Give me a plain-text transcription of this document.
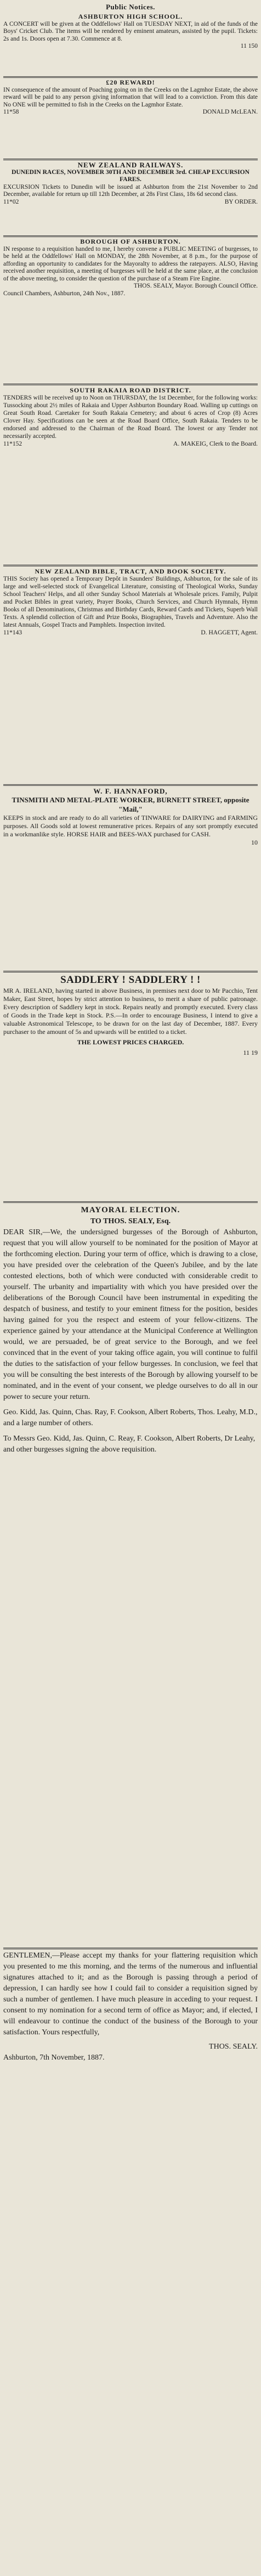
Public Notices.
ASHBURTON HIGH SCHOOL.

A CONCERT will be given at the Oddfellows' Hall on TUESDAY NEXT, in aid of the funds of the Boys' Cricket Club. The items will be rendered by eminent amateurs, assisted by the pupil. Tickets: 2s and 1s. Doors open at 7.30. Commence at 8.

11 150
£20 REWARD!

IN consequence of the amount of Poaching going on in the Creeks on the Lagmhor Estate, the above reward will be paid to any person giving information that will lead to a conviction. From this date No ONE will be permitted to fish in the Creeks on the Lagmhor Estate.

11*58	DONALD McLEAN.
NEW ZEALAND RAILWAYS.
DUNEDIN RACES, NOVEMBER 30TH AND DECEMBER 3rd. CHEAP EXCURSION FARES.

EXCURSION Tickets to Dunedin will be issued at Ashburton from the 21st November to 2nd December, available for return up till 12th December, at 28s First Class, 18s 6d second class.

11*02	BY ORDER.
BOROUGH OF ASHBURTON.

IN response to a requisition handed to me, I hereby convene a PUBLIC MEETING of burgesses, to be held at the Oddfellows' Hall on MONDAY, the 28th November, at 8 p.m., for the purpose of affording an opportunity to candidates for the Mayoralty to address the ratepayers. ALSO, Having received another requisition, a meeting of burgesses will be held at the same place, at the conclusion of the above meeting, to consider the question of the purchase of a Steam Fire Engine.

THOS. SEALY, Mayor. Borough Council Office.
Council Chambers, Ashburton, 24th Nov., 1887.
SOUTH RAKAIA ROAD DISTRICT.

TENDERS will be received up to Noon on THURSDAY, the 1st December, for the following works: Tussocking about 2½ miles of Rakaia and Upper Ashburton Boundary Road. Walling up cuttings on Great South Road. Caretaker for South Rakaia Cemetery; and about 6 acres of Crop (8) Acres Clover Hay. Specifications can be seen at the Road Board Office, South Rakaia. Tenders to be endorsed and addressed to the Chairman of the Road Board. The lowest or any Tender not necessarily accepted.

11*152	A. MAKEIG, Clerk to the Board.
NEW ZEALAND BIBLE, TRACT, AND BOOK SOCIETY.

THIS Society has opened a Temporary Depôt in Saunders' Buildings, Ashburton, for the sale of its large and well-selected stock of Evangelical Literature, consisting of Theological Works, Sunday School Teachers' Helps, and all other Sunday School Materials at Wholesale prices. Family, Pulpit and Pocket Bibles in great variety, Prayer Books, Church Services, and Church Hymnals, Hymn Books of all Denominations, Christmas and Birthday Cards, Reward Cards and Tickets, Superb Wall Texts. A splendid collection of Gift and Prize Books, Biographies, Travels and Adventure. Also the latest Annuals, Gospel Tracts and Pamphlets. Inspection invited.

11*143	D. HAGGETT, Agent.
W. F. HANNAFORD,
TINSMITH AND METAL-PLATE WORKER, BURNETT STREET, opposite "Mail,"

KEEPS in stock and are ready to do all varieties of TINWARE for DAIRYING and FARMING purposes. All Goods sold at lowest remunerative prices. Repairs of any sort promptly executed in a workmanlike style. HORSE HAIR and BEES-WAX purchased for CASH.

10
SADDLERY ! SADDLERY ! !

MR A. IRELAND, having started in above Business, in premises next door to Mr Pacchio, Tent Maker, East Street, hopes by strict attention to business, to merit a share of public patronage. Every description of Saddlery kept in stock. Repairs neatly and promptly executed. Every class of Goods in the Trade kept in Stock. P.S.—In order to encourage Business, I intend to give a valuable Astronomical Telescope, to be drawn for on the last day of December, 1887. Every purchaser to the amount of 5s and upwards will be entitled to a ticket.

THE LOWEST PRICES CHARGED.
11 19
MAYORAL ELECTION.
TO THOS. SEALY, Esq.

DEAR SIR,—We, the undersigned burgesses of the Borough of Ashburton, request that you will allow yourself to be nominated for the position of Mayor at the forthcoming election. During your term of office, which is drawing to a close, you have presided over the celebration of the Queen's Jubilee, and by the late contested elections, both of which were conducted with considerable credit to yourself. The urbanity and impartiality with which you have presided over the deliberations of the Borough Council have been instrumental in expediting the despatch of business, and testify to your eminent fitness for the position, besides having gained for you the respect and esteem of your fellow-citizens. The experience gained by your attendance at the Municipal Conference at Wellington would, we are persuaded, be of great service to the Borough, and we feel convinced that in the event of your taking office again, you will continue to fulfil the duties to the satisfaction of your fellow burgesses. In conclusion, we feel that you will be consulting the best interests of the Borough by allowing yourself to be nominated, and in the event of your consent, we pledge ourselves to do all in our power to secure your return.

Geo. Kidd, Jas. Quinn, Chas. Ray, F. Cookson, Albert Roberts, Thos. Leahy, M.D., and a large number of others.
To Messrs Geo. Kidd, Jas. Quinn, C. Reay, F. Cookson, Albert Roberts, Dr Leahy, and other burgesses signing the above requisition.

GENTLEMEN,—Please accept my thanks for your flattering requisition which you presented to me this morning, and the terms of the numerous and influential signatures attached to it; and as the Borough is passing through a period of depression, I can hardly see how I could fail to consider a requisition signed by such a number of gentlemen. I have much pleasure in acceding to your request. I consent to my nomination for a second term of office as Mayor; and, if elected, I will endeavour to continue the conduct of the business of the Borough to your satisfaction. Yours respectfully,

THOS. SEALY.
Ashburton, 7th November, 1887.
